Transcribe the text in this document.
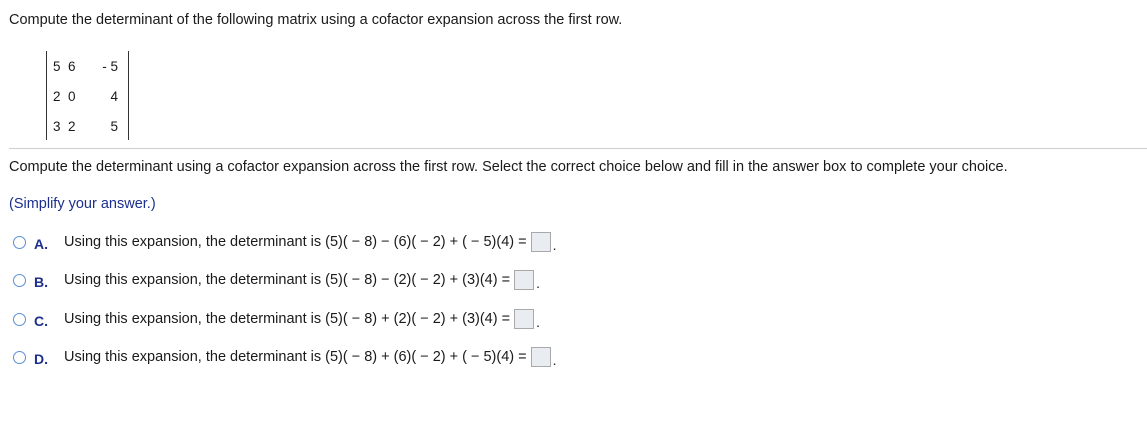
Compute the determinant of the following matrix using a cofactor expansion across the first row.
5	6	- 5
2	0	4
3	2	5
Compute the determinant using a cofactor expansion across the first row. Select the correct choice below and fill in the answer box to complete your choice.
(Simplify your answer.)
A.	Using this expansion, the determinant is (5)( − 8) − (6)( − 2) + ( − 5)(4) = .
B.	Using this expansion, the determinant is (5)( − 8) − (2)( − 2) + (3)(4) = .
C.	Using this expansion, the determinant is (5)( − 8) + (2)( − 2) + (3)(4) = .
D.	Using this expansion, the determinant is (5)( − 8) + (6)( − 2) + ( − 5)(4) = .
